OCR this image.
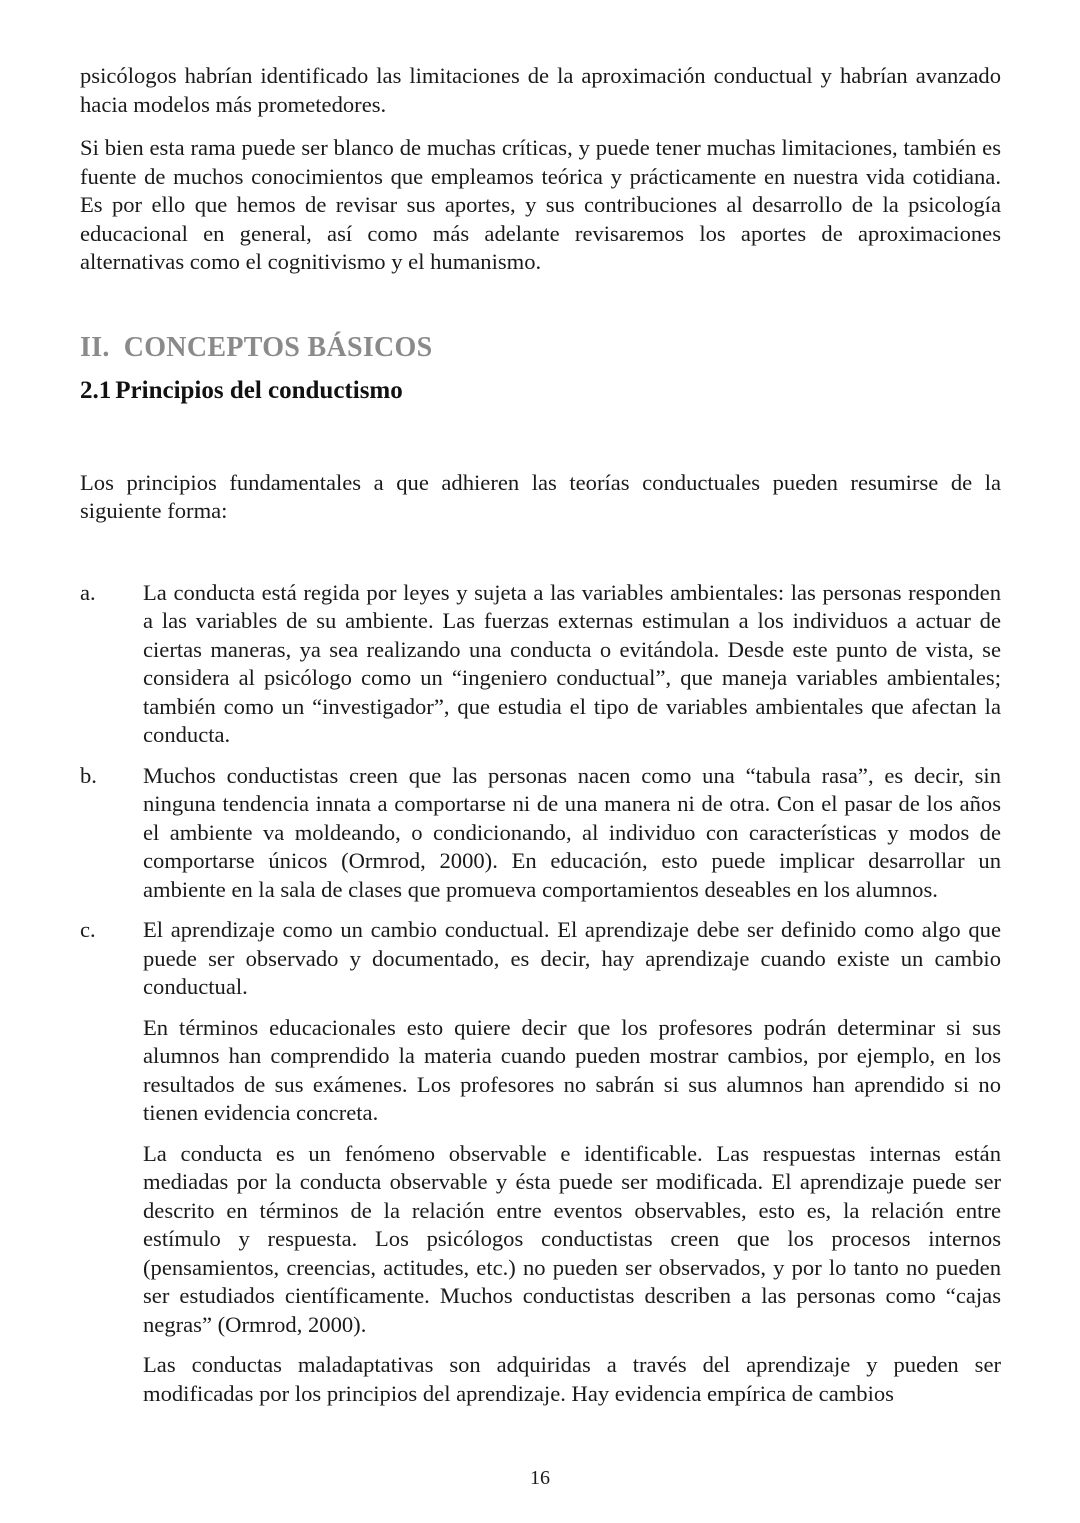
psicólogos habrían identificado las limitaciones de la aproximación conductual y habrían avanzado hacia modelos más prometedores.

Si bien esta rama puede ser blanco de muchas críticas, y puede tener muchas limitaciones, también es fuente de muchos conocimientos que empleamos teórica y prácticamente en nuestra vida cotidiana. Es por ello que hemos de revisar sus aportes, y sus contribuciones al desarrollo de la psicología educacional en general, así como más adelante revisaremos los aportes de aproximaciones alternativas como el cognitivismo y el humanismo.

II. CONCEPTOS BÁSICOS
2.1 Principios del conductismo

Los principios fundamentales a que adhieren las teorías conductuales pueden resumirse de la siguiente forma:

a. La conducta está regida por leyes y sujeta a las variables ambientales: las personas responden a las variables de su ambiente. Las fuerzas externas estimulan a los individuos a actuar de ciertas maneras, ya sea realizando una conducta o evitándola. Desde este punto de vista, se considera al psicólogo como un “ingeniero conductual”, que maneja variables ambientales; también como un “investigador”, que estudia el tipo de variables ambientales que afectan la conducta.

b. Muchos conductistas creen que las personas nacen como una “tabula rasa”, es decir, sin ninguna tendencia innata a comportarse ni de una manera ni de otra. Con el pasar de los años el ambiente va moldeando, o condicionando, al individuo con características y modos de comportarse únicos (Ormrod, 2000). En educación, esto puede implicar desarrollar un ambiente en la sala de clases que promueva comportamientos deseables en los alumnos.

c. El aprendizaje como un cambio conductual. El aprendizaje debe ser definido como algo que puede ser observado y documentado, es decir, hay aprendizaje cuando existe un cambio conductual.

En términos educacionales esto quiere decir que los profesores podrán determinar si sus alumnos han comprendido la materia cuando pueden mostrar cambios, por ejemplo, en los resultados de sus exámenes. Los profesores no sabrán si sus alumnos han aprendido si no tienen evidencia concreta.

La conducta es un fenómeno observable e identificable. Las respuestas internas están mediadas por la conducta observable y ésta puede ser modificada. El aprendizaje puede ser descrito en términos de la relación entre eventos observables, esto es, la relación entre estímulo y respuesta. Los psicólogos conductistas creen que los procesos internos (pensamientos, creencias, actitudes, etc.) no pueden ser observados, y por lo tanto no pueden ser estudiados científicamente. Muchos conductistas describen a las personas como “cajas negras” (Ormrod, 2000).

Las conductas maladaptativas son adquiridas a través del aprendizaje y pueden ser modificadas por los principios del aprendizaje. Hay evidencia empírica de cambios

16
